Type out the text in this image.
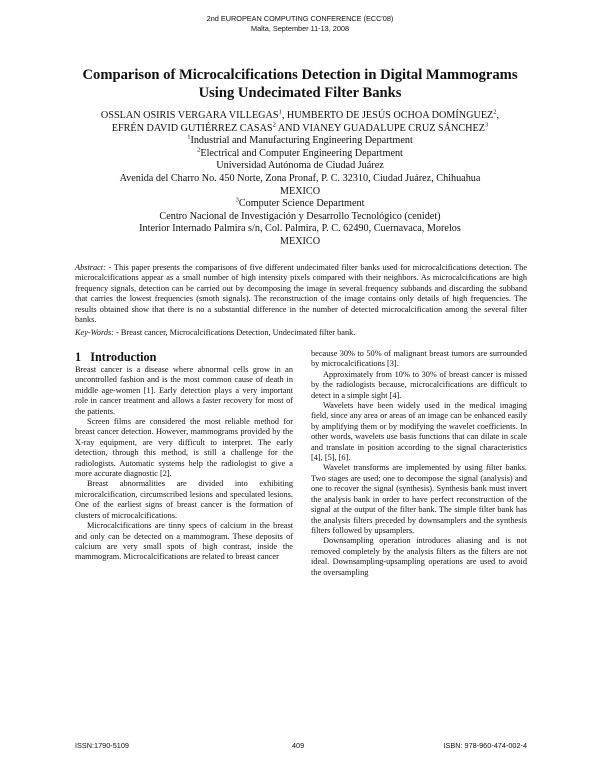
2nd EUROPEAN COMPUTING CONFERENCE (ECC'08)
Malta, September 11-13, 2008
Comparison of Microcalcifications Detection in Digital Mammograms
Using Undecimated Filter Banks
OSSLAN OSIRIS VERGARA VILLEGAS$^1$, HUMBERTO DE JESÚS OCHOA DOMÍNGUEZ$^2$,
EFRÉN DAVID GUTIÉRREZ CASAS$^2$ AND VIANEY GUADALUPE CRUZ SÁNCHEZ$^3$
$^1$Industrial and Manufacturing Engineering Department
$^2$Electrical and Computer Engineering Department
Universidad Autónoma de Ciudad Juárez
Avenida del Charro No. 450 Norte, Zona Pronaf, P. C. 32310, Ciudad Juárez, Chihuahua
MEXICO
$^3$Computer Science Department
Centro Nacional de Investigación y Desarrollo Tecnológico (cenidet)
Interior Internado Palmira s/n, Col. Palmira, P. C. 62490, Cuernavaca, Morelos
MEXICO
Abstract: - This paper presents the comparisons of five different undecimated filter banks used for microcalcifications detection. The microcalcifications appear as a small number of high intensity pixels compared with their neighbors. As microcalcifications are high frequency signals, detection can be carried out by decomposing the image in several frequency subbands and discarding the subband that carries the lowest frequencies (smoth signals). The reconstruction of the image contains only details of high frequencies. The results obtained show that there is no a substantial difference in the number of detected microcalcification among the several filter banks.
Key-Words: - Breast cancer, Microcalcifications Detection, Undecimated filter bank.
1 Introduction

Breast cancer is a disease where abnormal cells grow in an uncontrolled fashion and is the most common cause of death in middle age-women [1]. Early detection plays a very important role in cancer treatment and allows a faster recovery for most of the patients.

Screen films are considered the most reliable method for breast cancer detection. However, mammograms provided by the X-ray equipment, are very difficult to interpret. The early detection, through this method, is still a challenge for the radiologists. Automatic systems help the radiologist to give a more accurate diagnostic [2].

Breast abnormalities are divided into exhibiting microcalcification, circumscribed lesions and speculated lesions. One of the earliest signs of breast cancer is the formation of clusters of microcalcifications.

Microcalcifications are tinny specs of calcium in the breast and only can be detected on a mammogram. These deposits of calcium are very small spots of high contrast, inside the mammogram. Microcalcifications are related to breast cancer

because 30% to 50% of malignant breast tumors are surrounded by microcalcifications [3].

Approximately from 10% to 30% of breast cancer is missed by the radiologists because, microcalcifications are difficult to detect in a simple sight [4].

Wavelets have been widely used in the medical imaging field, since any area or areas of an image can be enhanced easily by amplifying them or by modifying the wavelet coefficients. In other words, wavelets use basis functions that can dilate in scale and translate in position according to the signal characteristics [4], [5], [6].

Wavelet transforms are implemented by using filter banks. Two stages are used; one to decompose the signal (analysis) and one to recover the signal (synthesis). Synthesis bank must invert the analysis bank in order to have perfect reconstruction of the signal at the output of the filter bank. The simple filter bank has the analysis filters preceded by downsamplers and the synthesis filters followed by upsamplers.

Downsampling operation introduces aliasing and is not removed completely by the analysis filters as the filters are not ideal. Downsampling-upsampling operations are used to avoid the oversampling

ISSN:1790-5109	409	ISBN: 978-960-474-002-4
